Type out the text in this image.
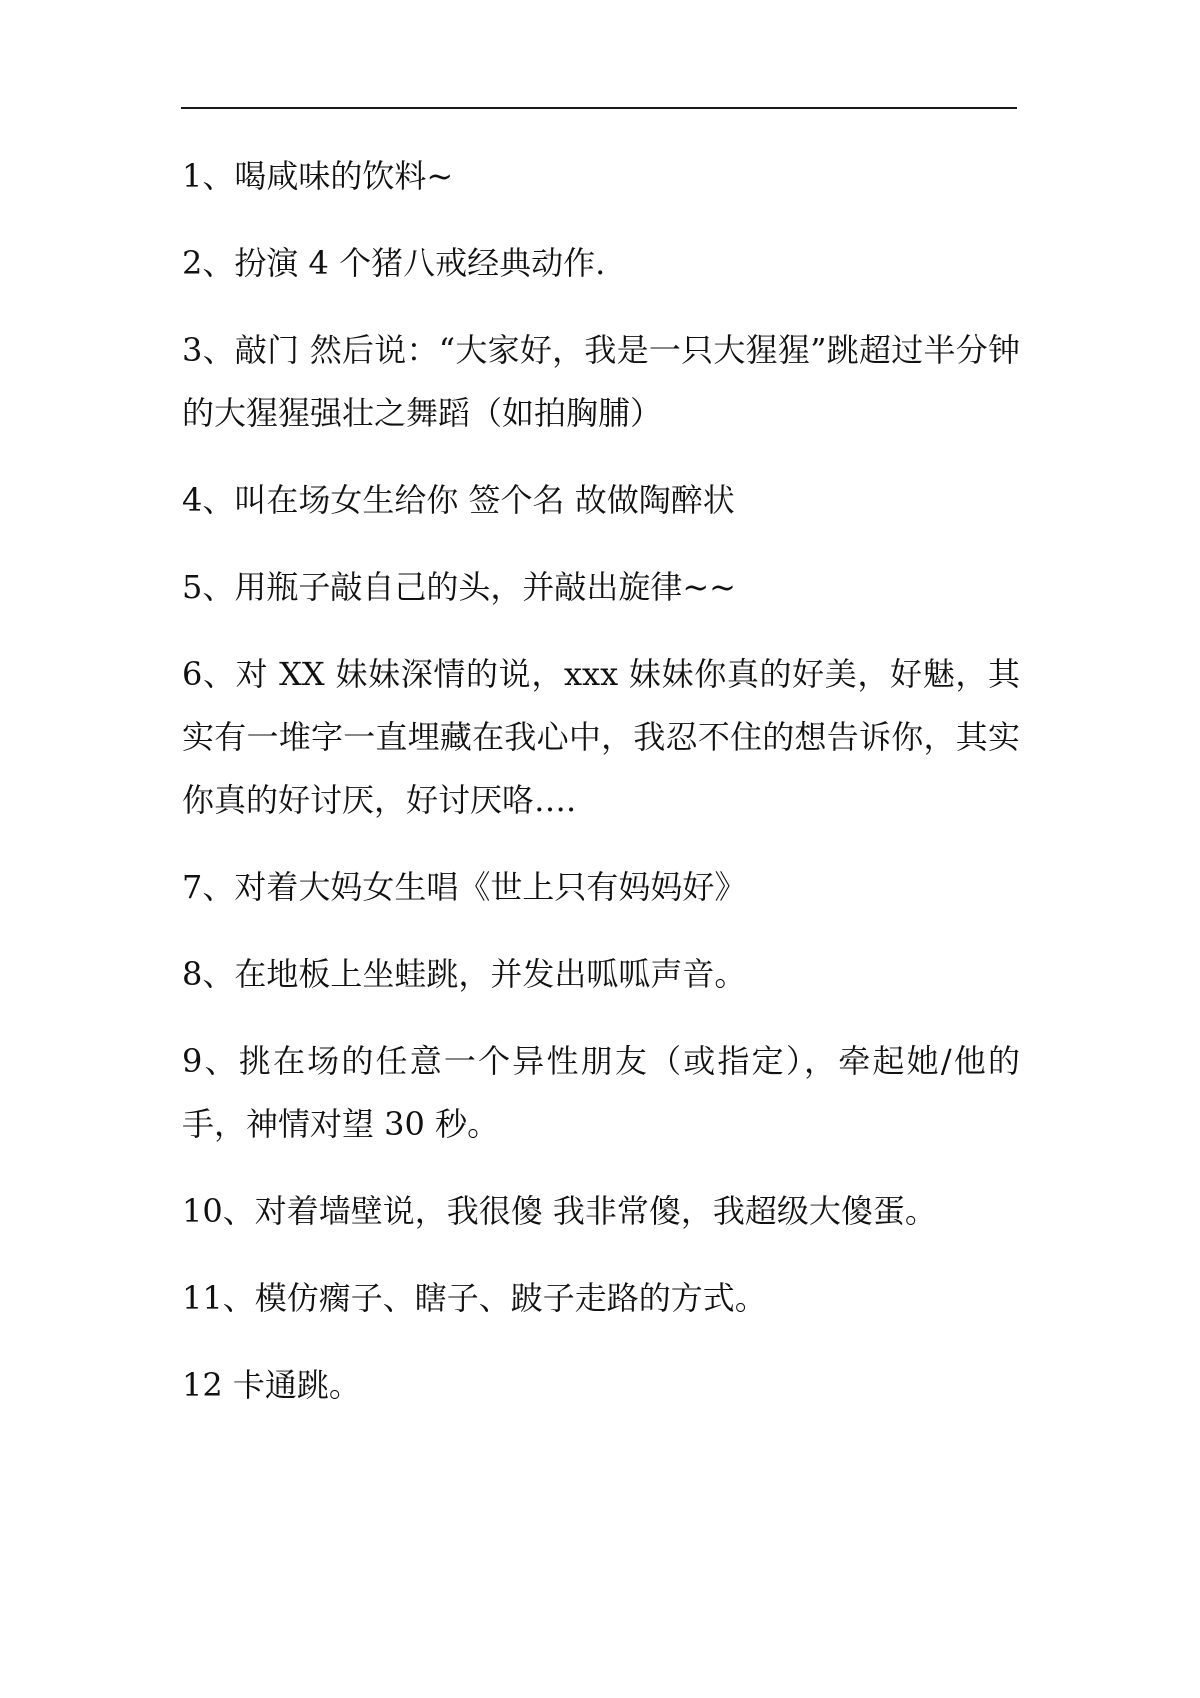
1、喝咸味的饮料~

2、扮演 4 个猪八戒经典动作.

3、敲门 然后说：“大家好，我是一只大猩猩”跳超过半分钟的大猩猩强壮之舞蹈（如拍胸脯）

4、叫在场女生给你 签个名 故做陶醉状

5、用瓶子敲自己的头，并敲出旋律~~

6、对 XX 妹妹深情的说，xxx 妹妹你真的好美，好魅，其实有一堆字一直埋藏在我心中，我忍不住的想告诉你，其实 你真的好讨厌，好讨厌咯….

7、对着大妈女生唱《世上只有妈妈好》

8、在地板上坐蛙跳，并发出呱呱声音。

9、挑在场的任意一个异性朋友（或指定），牵起她/他的手，神情对望 30 秒。

10、对着墙壁说，我很傻 我非常傻，我超级大傻蛋。

11、模仿瘸子、瞎子、跛子走路的方式。

12 卡通跳。
